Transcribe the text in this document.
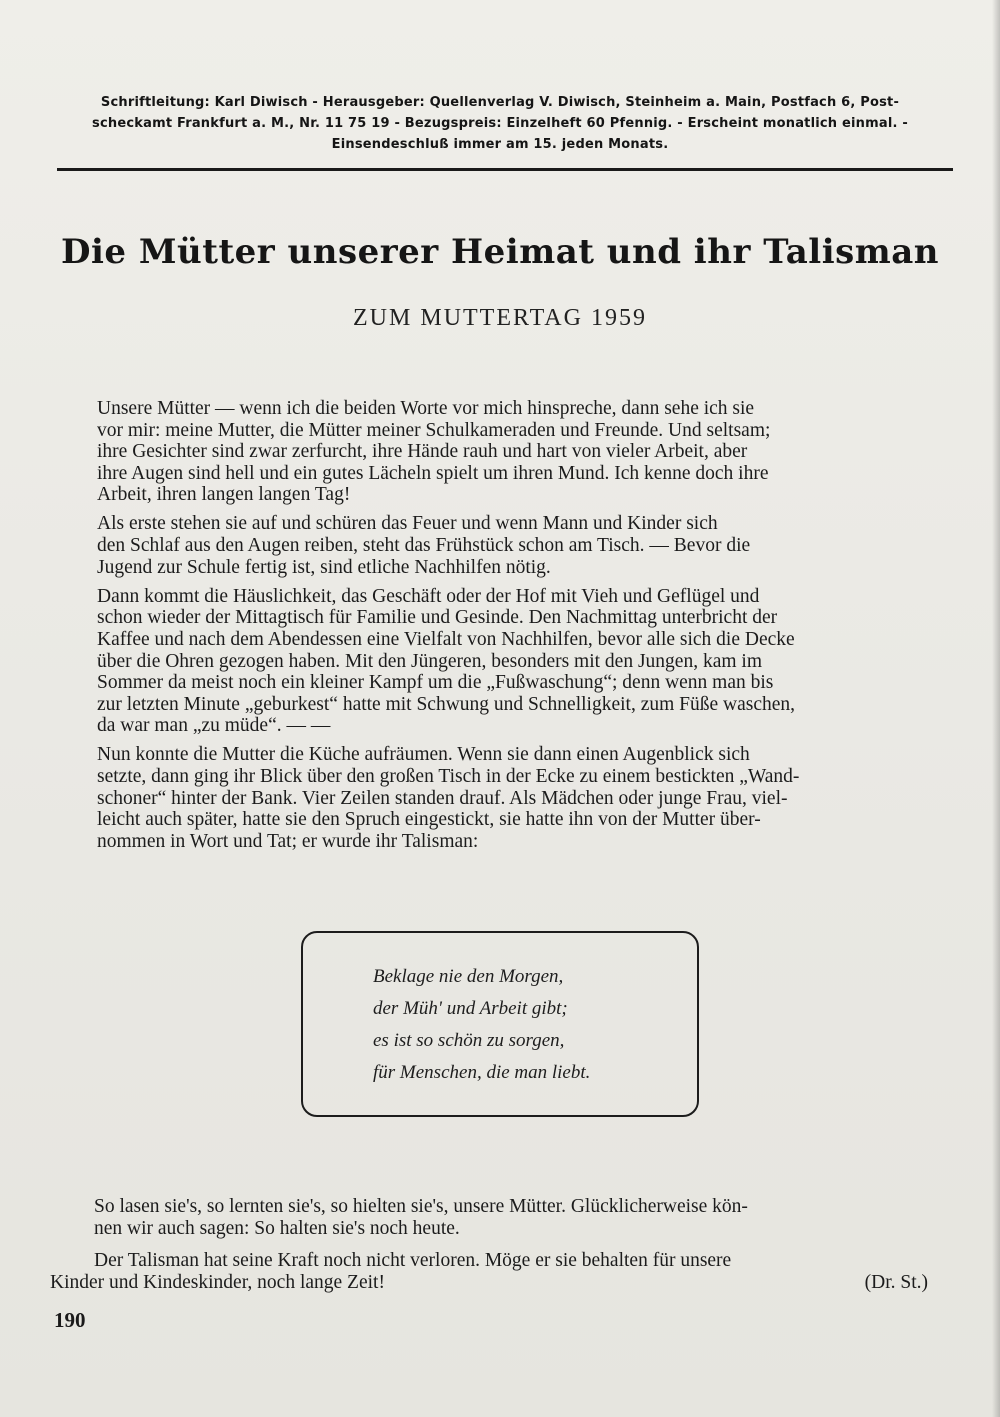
Schriftleitung: Karl Diwisch - Herausgeber: Quellenverlag V. Diwisch, Steinheim a. Main, Postfach 6, Post-
scheckamt Frankfurt a. M., Nr. 11 75 19 - Bezugspreis: Einzelheft 60 Pfennig. - Erscheint monatlich einmal. -
Einsendeschluß immer am 15. jeden Monats.
Die Mütter unserer Heimat und ihr Talisman
ZUM MUTTERTAG 1959

Unsere Mütter — wenn ich die beiden Worte vor mich hinspreche, dann sehe ich sie
vor mir: meine Mutter, die Mütter meiner Schulkameraden und Freunde. Und seltsam;
ihre Gesichter sind zwar zerfurcht, ihre Hände rauh und hart von vieler Arbeit, aber
ihre Augen sind hell und ein gutes Lächeln spielt um ihren Mund. Ich kenne doch ihre
Arbeit, ihren langen langen Tag!

Als erste stehen sie auf und schüren das Feuer und wenn Mann und Kinder sich
den Schlaf aus den Augen reiben, steht das Frühstück schon am Tisch. — Bevor die
Jugend zur Schule fertig ist, sind etliche Nachhilfen nötig.

Dann kommt die Häuslichkeit, das Geschäft oder der Hof mit Vieh und Geflügel und
schon wieder der Mittagtisch für Familie und Gesinde. Den Nachmittag unterbricht der
Kaffee und nach dem Abendessen eine Vielfalt von Nachhilfen, bevor alle sich die Decke
über die Ohren gezogen haben. Mit den Jüngeren, besonders mit den Jungen, kam im
Sommer da meist noch ein kleiner Kampf um die „Fußwaschung“; denn wenn man bis
zur letzten Minute „geburkest“ hatte mit Schwung und Schnelligkeit, zum Füße waschen,
da war man „zu müde“. — —

Nun konnte die Mutter die Küche aufräumen. Wenn sie dann einen Augenblick sich
setzte, dann ging ihr Blick über den großen Tisch in der Ecke zu einem bestickten „Wand-
schoner“ hinter der Bank. Vier Zeilen standen drauf. Als Mädchen oder junge Frau, viel-
leicht auch später, hatte sie den Spruch eingestickt, sie hatte ihn von der Mutter über-
nommen in Wort und Tat; er wurde ihr Talisman:

Beklage nie den Morgen,
der Müh' und Arbeit gibt;
es ist so schön zu sorgen,
für Menschen, die man liebt.

So lasen sie's, so lernten sie's, so hielten sie's, unsere Mütter. Glücklicherweise kön-
nen wir auch sagen: So halten sie's noch heute.

Der Talisman hat seine Kraft noch nicht verloren. Möge er sie behalten für unsere
Kinder und Kindeskinder, noch lange Zeit!	(Dr. St.)

190
